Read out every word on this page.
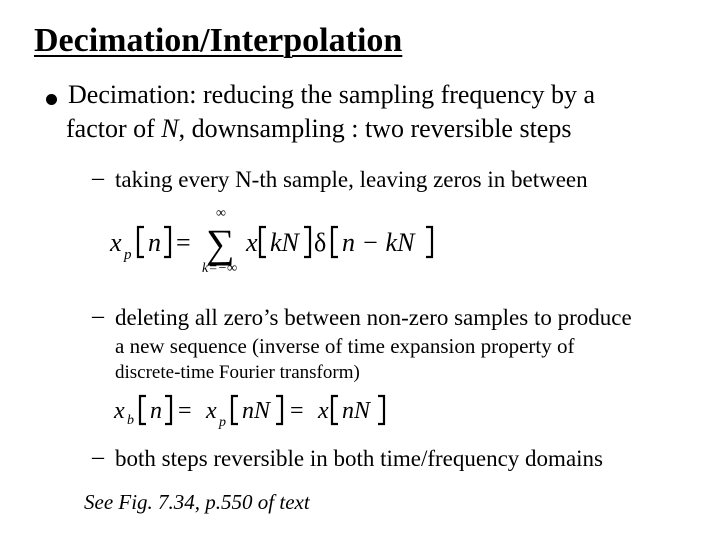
Decimation/Interpolation
Decimation: reducing the sampling frequency by a
factor of N, downsampling : two reversible steps
– taking every N-th sample, leaving zeros in between
x p n =
∞
∑
k=−∞
x kN δ n − kN
– deleting all zero’s between non-zero samples to produce
a new sequence (inverse of time expansion property of
discrete-time Fourier transform)
x b n = x p nN = x nN
– both steps reversible in both time/frequency domains
See Fig. 7.34, p.550 of text
